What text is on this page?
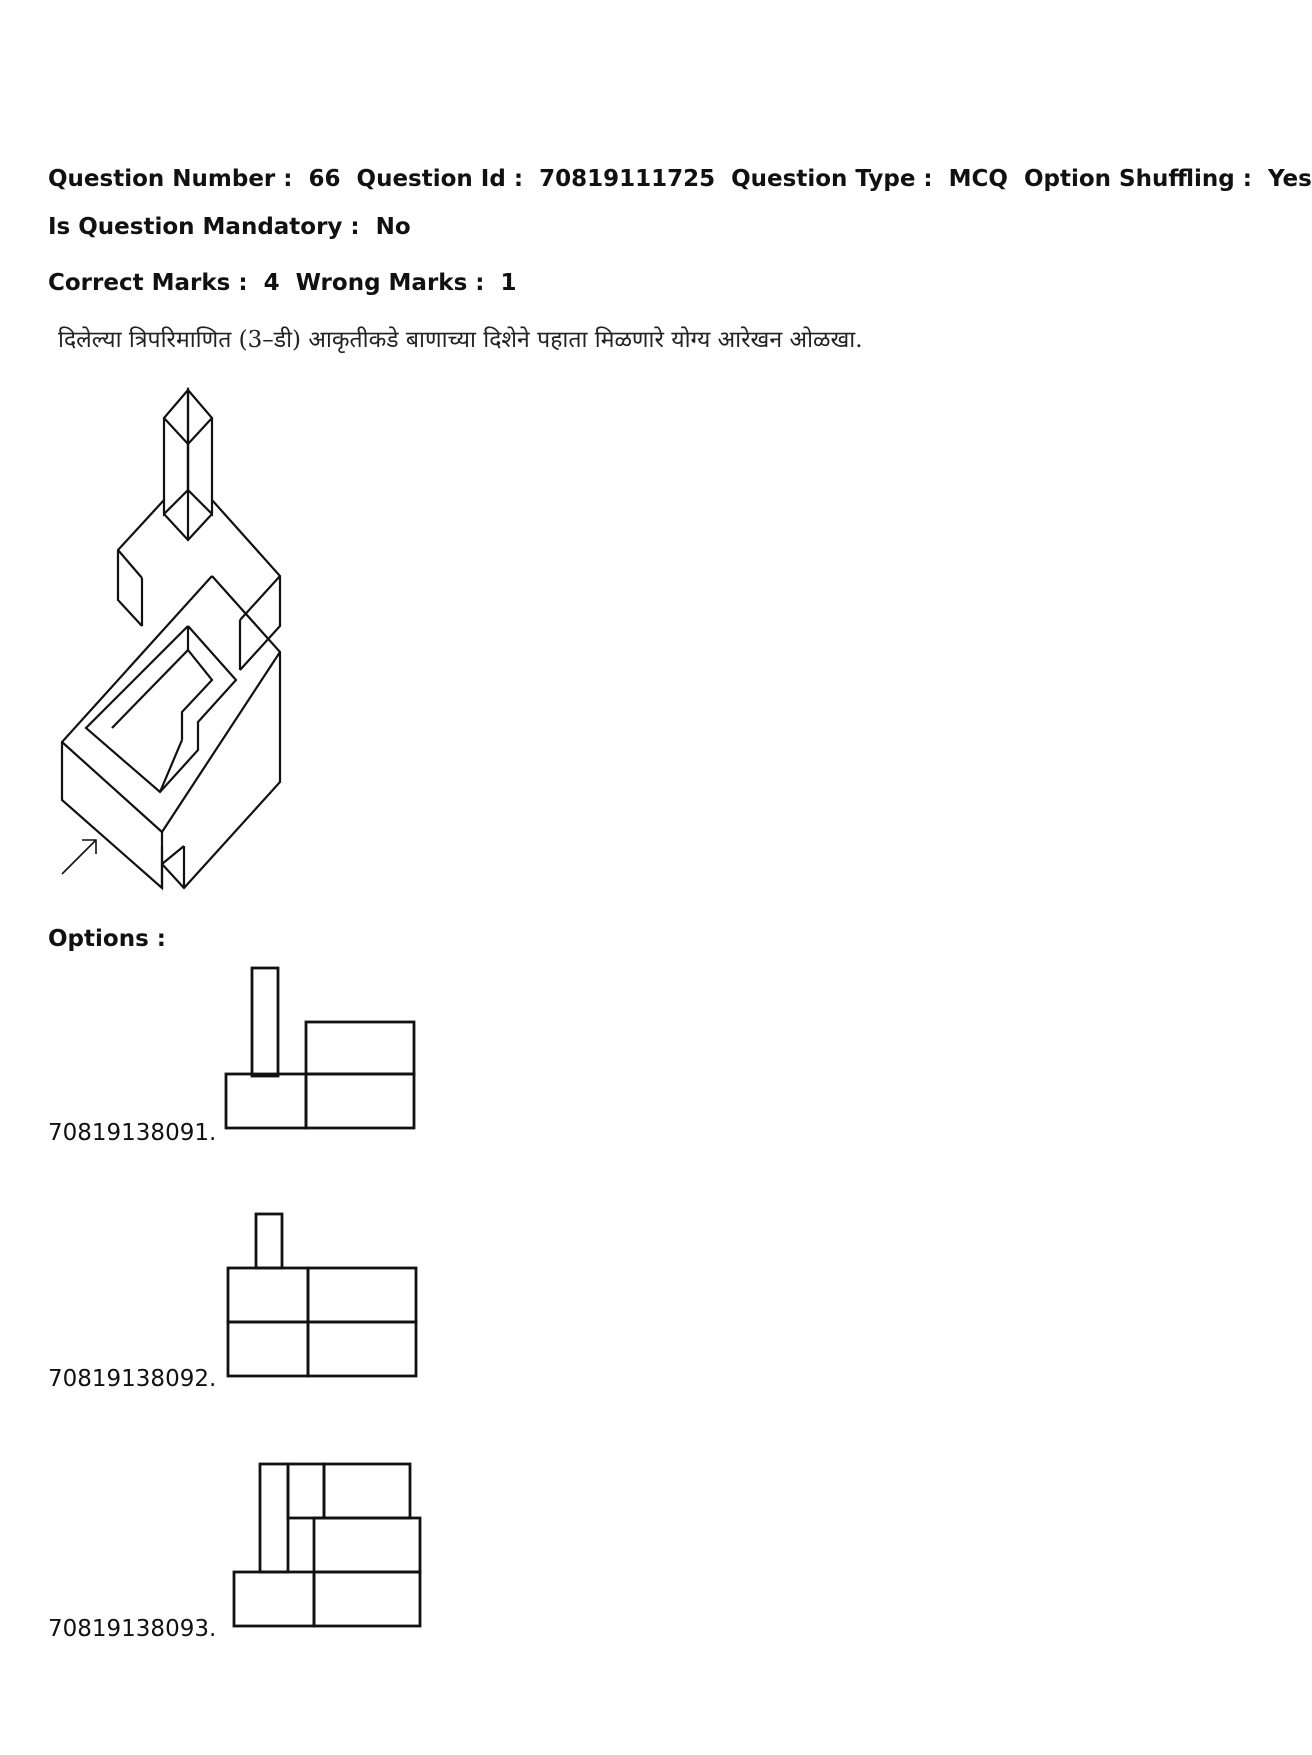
Question Number : 66 Question Id : 70819111725 Question Type : MCQ Option Shuffling : Yes
Is Question Mandatory : No
Correct Marks : 4 Wrong Marks : 1
दिलेल्या त्रिपरिमाणित (3–डी) आकृतीकडे बाणाच्या दिशेने पहाता मिळणारे योग्य आरेखन ओळखा.
Options :
70819138091.
70819138092.
70819138093.
